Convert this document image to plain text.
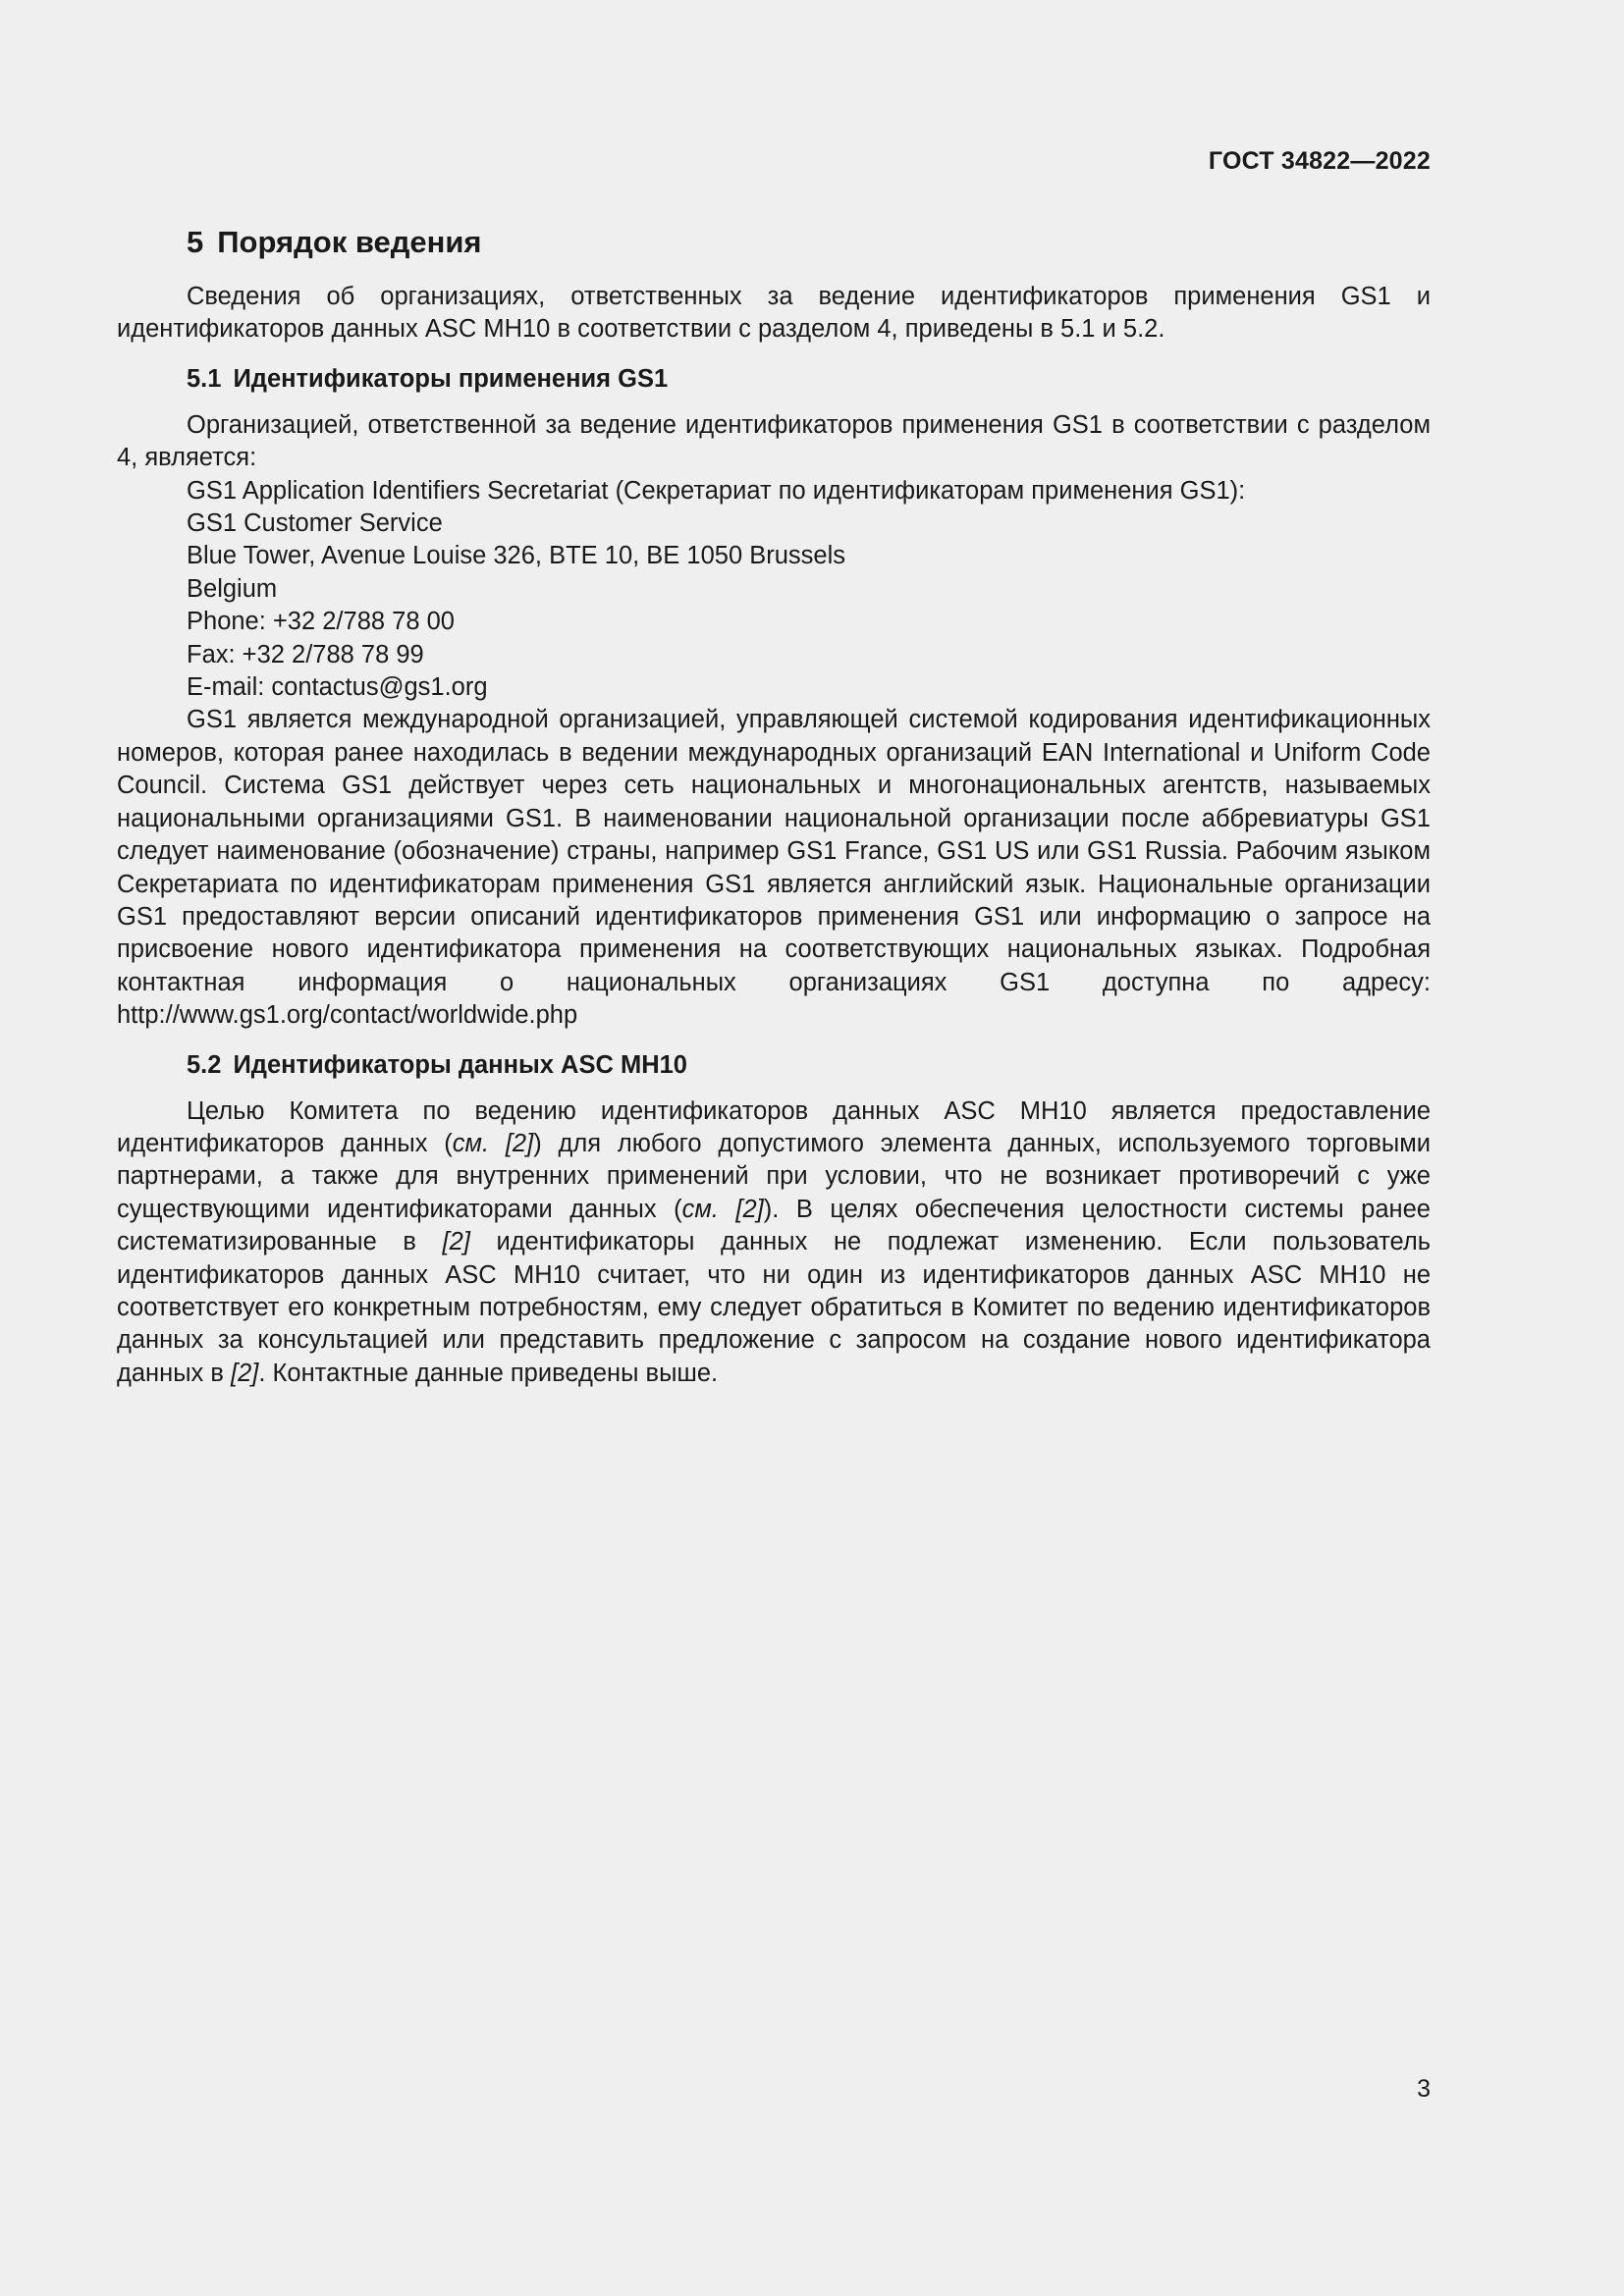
ГОСТ 34822—2022
5 Порядок ведения

Сведения об организациях, ответственных за ведение идентификаторов применения GS1 и идентификаторов данных ASC MH10 в соответствии с разделом 4, приведены в 5.1 и 5.2.

5.1 Идентификаторы применения GS1

Организацией, ответственной за ведение идентификаторов применения GS1 в соответствии с разделом 4, является:

GS1 Application Identifiers Secretariat (Секретариат по идентификаторам применения GS1):
GS1 Customer Service
Blue Tower, Avenue Louise 326, BTE 10, BE 1050 Brussels
Belgium
Phone: +32 2/788 78 00
Fax: +32 2/788 78 99
E-mail: contactus@gs1.org

GS1 является международной организацией, управляющей системой кодирования идентификационных номеров, которая ранее находилась в ведении международных организаций EAN International и Uniform Code Council. Система GS1 действует через сеть национальных и многонациональных агентств, называемых национальными организациями GS1. В наименовании национальной организации после аббревиатуры GS1 следует наименование (обозначение) страны, например GS1 France, GS1 US или GS1 Russia. Рабочим языком Секретариата по идентификаторам применения GS1 является английский язык. Национальные организации GS1 предоставляют версии описаний идентификаторов применения GS1 или информацию о запросе на присвоение нового идентификатора применения на соответствующих национальных языках. Подробная контактная информация о национальных организациях GS1 доступна по адресу: http://www.gs1.org/contact/worldwide.php

5.2 Идентификаторы данных ASC MH10

Целью Комитета по ведению идентификаторов данных ASC MH10 является предоставление идентификаторов данных (см. [2]) для любого допустимого элемента данных, используемого торговыми партнерами, а также для внутренних применений при условии, что не возникает противоречий с уже существующими идентификаторами данных (см. [2]). В целях обеспечения целостности системы ранее систематизированные в [2] идентификаторы данных не подлежат изменению. Если пользователь идентификаторов данных ASC MH10 считает, что ни один из идентификаторов данных ASC MH10 не соответствует его конкретным потребностям, ему следует обратиться в Комитет по ведению идентификаторов данных за консультацией или представить предложение с запросом на создание нового идентификатора данных в [2]. Контактные данные приведены выше.

3
